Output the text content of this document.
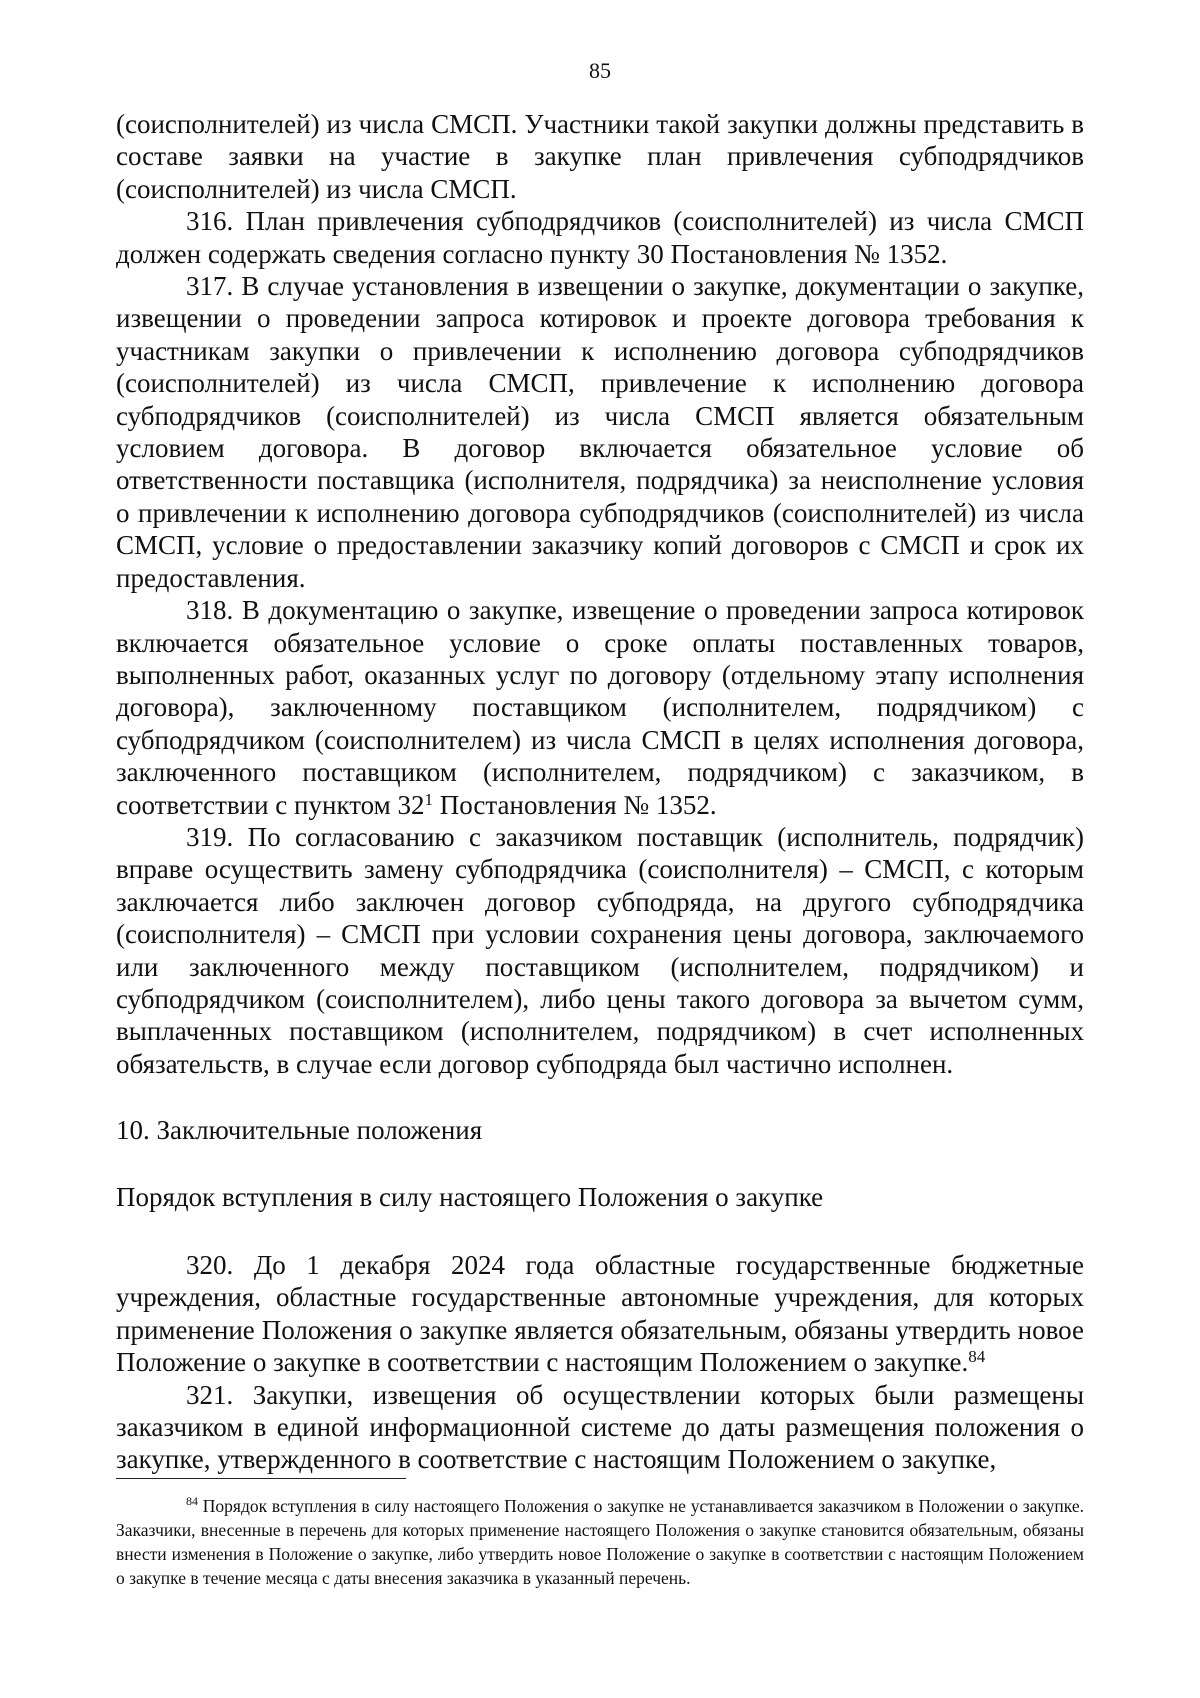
85

(соисполнителей) из числа СМСП. Участники такой закупки должны представить в составе заявки на участие в закупке план привлечения субподрядчиков (соисполнителей) из числа СМСП.

316. План привлечения субподрядчиков (соисполнителей) из числа СМСП должен содержать сведения согласно пункту 30 Постановления № 1352.

317. В случае установления в извещении о закупке, документации о закупке, извещении о проведении запроса котировок и проекте договора требования к участникам закупки о привлечении к исполнению договора субподрядчиков (соисполнителей) из числа СМСП, привлечение к исполнению договора субподрядчиков (соисполнителей) из числа СМСП является обязательным условием договора. В договор включается обязательное условие об ответственности поставщика (исполнителя, подрядчика) за неисполнение условия о привлечении к исполнению договора субподрядчиков (соисполнителей) из числа СМСП, условие о предоставлении заказчику копий договоров с СМСП и срок их предоставления.

318. В документацию о закупке, извещение о проведении запроса котировок включается обязательное условие о сроке оплаты поставленных товаров, выполненных работ, оказанных услуг по договору (отдельному этапу исполнения договора), заключенному поставщиком (исполнителем, подрядчиком) с субподрядчиком (соисполнителем) из числа СМСП в целях исполнения договора, заключенного поставщиком (исполнителем, подрядчиком) с заказчиком, в соответствии с пунктом $32^1$ Постановления № 1352.

319. По согласованию с заказчиком поставщик (исполнитель, подрядчик) вправе осуществить замену субподрядчика (соисполнителя) – СМСП, с которым заключается либо заключен договор субподряда, на другого субподрядчика (соисполнителя) – СМСП при условии сохранения цены договора, заключаемого или заключенного между поставщиком (исполнителем, подрядчиком) и субподрядчиком (соисполнителем), либо цены такого договора за вычетом сумм, выплаченных поставщиком (исполнителем, подрядчиком) в счет исполненных обязательств, в случае если договор субподряда был частично исполнен.

10. Заключительные положения

Порядок вступления в силу настоящего Положения о закупке

320. До 1 декабря 2024 года областные государственные бюджетные учреждения, областные государственные автономные учреждения, для которых применение Положения о закупке является обязательным, обязаны утвердить новое Положение о закупке в соответствии с настоящим Положением о закупке.$^{84}$

321. Закупки, извещения об осуществлении которых были размещены заказчиком в единой информационной системе до даты размещения положения о закупке, утвержденного в соответствие с настоящим Положением о закупке,

$^{84}$ Порядок вступления в силу настоящего Положения о закупке не устанавливается заказчиком в Положении о закупке. Заказчики, внесенные в перечень для которых применение настоящего Положения о закупке становится обязательным, обязаны внести изменения в Положение о закупке, либо утвердить новое Положение о закупке в соответствии с настоящим Положением о закупке в течение месяца с даты внесения заказчика в указанный перечень.
